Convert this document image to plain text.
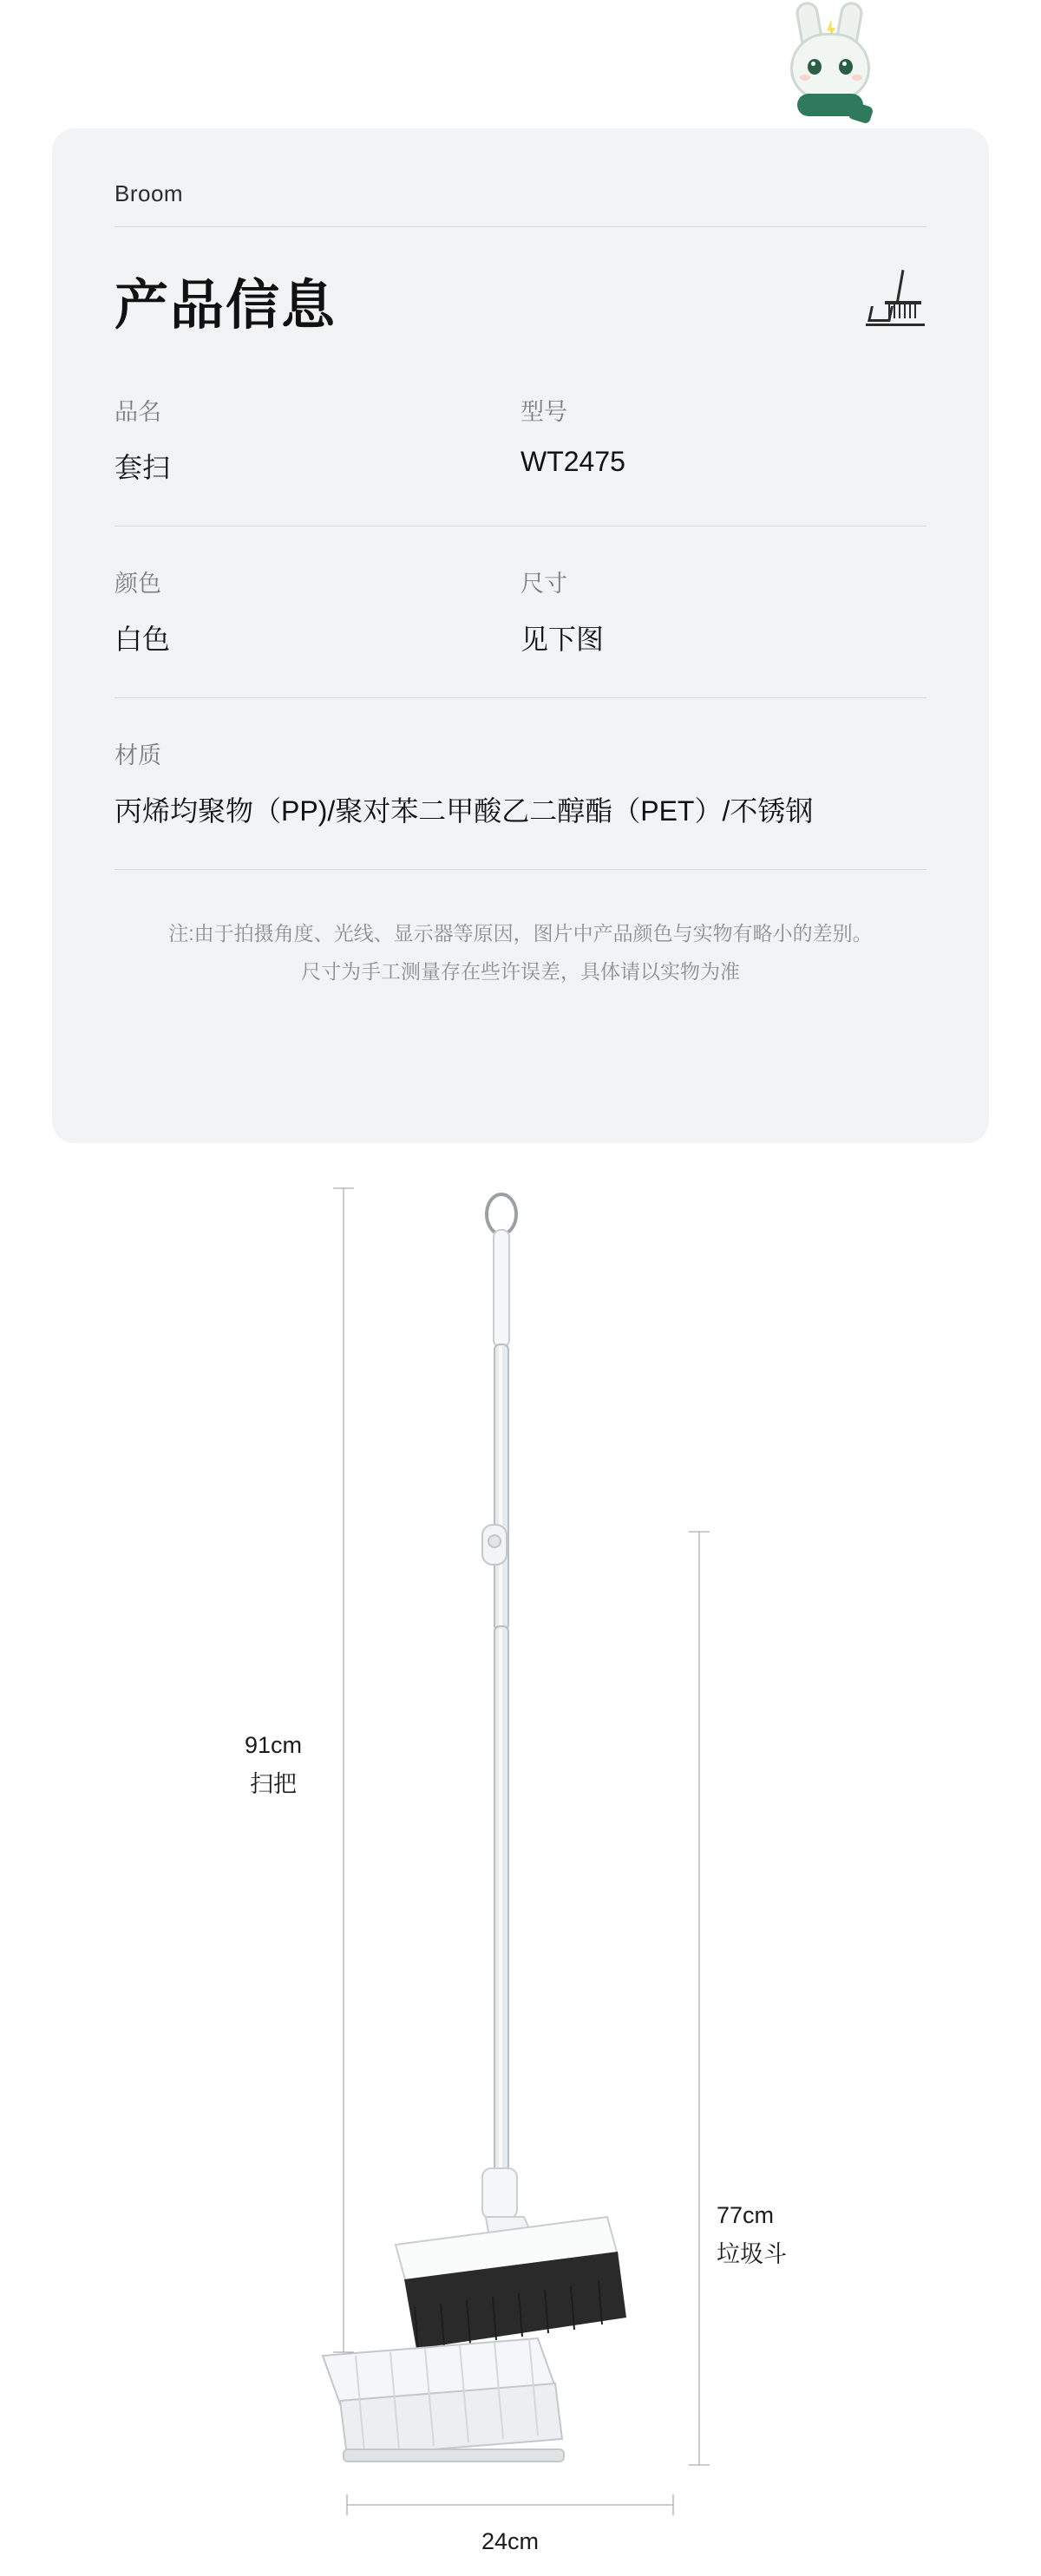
Broom
产品信息
品名
套扫
型号
WT2475
颜色
白色
尺寸
见下图
材质
丙烯均聚物（PP)/聚对苯二甲酸乙二醇酯（PET）/不锈钢
注:由于拍摄角度、光线、显示器等原因，图片中产品颜色与实物有略小的差别。
尺寸为手工测量存在些许误差，具体请以实物为准
91cm
扫把
77cm
垃圾斗
24cm
